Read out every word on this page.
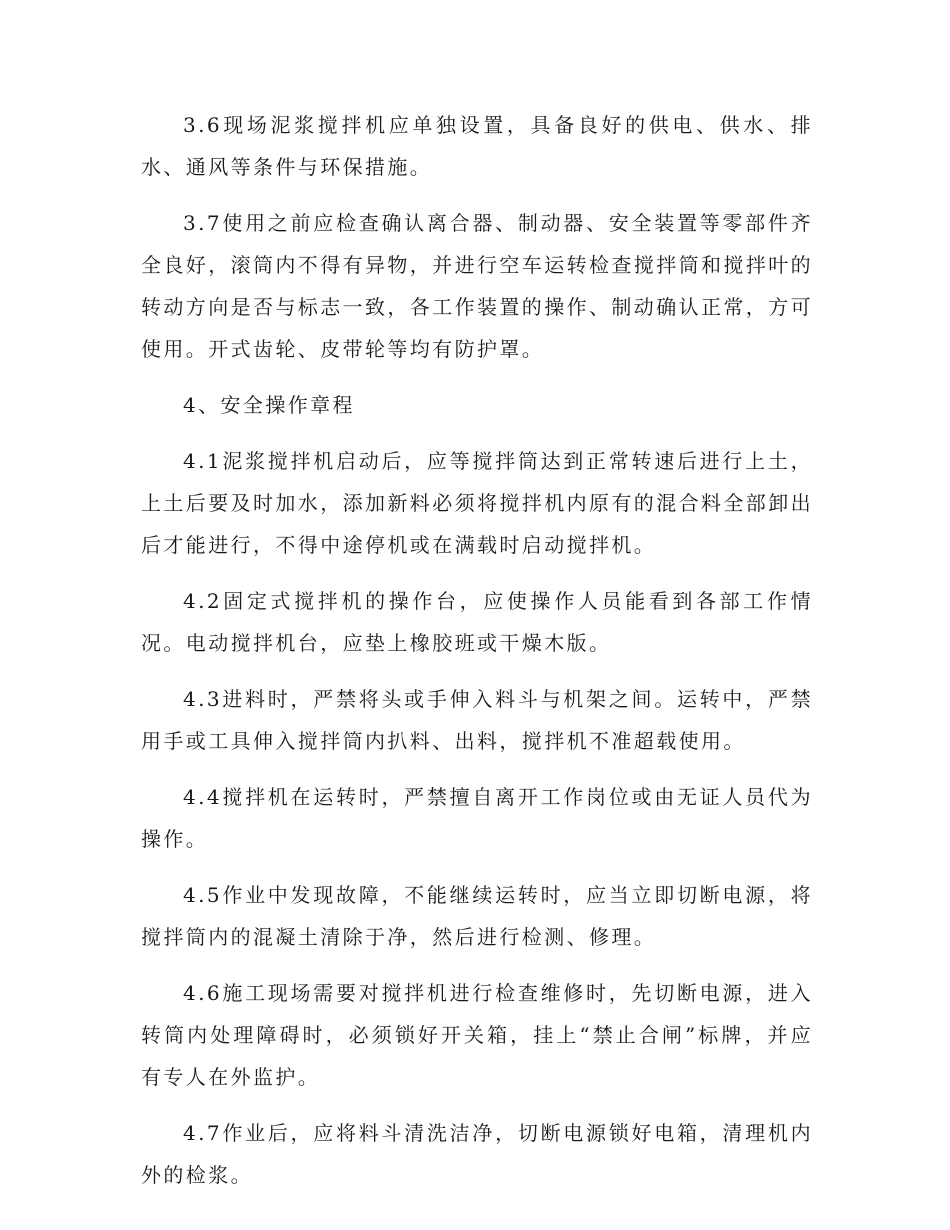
3.6现场泥浆搅拌机应单独设置，具备良好的供电、供水、排水、通风等条件与环保措施。

3.7使用之前应检查确认离合器、制动器、安全装置等零部件齐全良好，滚筒内不得有异物，并进行空车运转检查搅拌筒和搅拌叶的转动方向是否与标志一致，各工作装置的操作、制动确认正常，方可使用。开式齿轮、皮带轮等均有防护罩。

4、安全操作章程

4.1泥浆搅拌机启动后，应等搅拌筒达到正常转速后进行上土，上土后要及时加水，添加新料必须将搅拌机内原有的混合料全部卸出后才能进行，不得中途停机或在满载时启动搅拌机。

4.2固定式搅拌机的操作台，应使操作人员能看到各部工作情况。电动搅拌机台，应垫上橡胶班或干燥木版。

4.3进料时，严禁将头或手伸入料斗与机架之间。运转中，严禁用手或工具伸入搅拌筒内扒料、出料，搅拌机不准超载使用。

4.4搅拌机在运转时，严禁擅自离开工作岗位或由无证人员代为操作。

4.5作业中发现故障，不能继续运转时，应当立即切断电源，将搅拌筒内的混凝土清除于净，然后进行检测、修理。

4.6施工现场需要对搅拌机进行检查维修时，先切断电源，进入转筒内处理障碍时，必须锁好开关箱，挂上“禁止合闸”标牌，并应有专人在外监护。

4.7作业后，应将料斗清洗洁净，切断电源锁好电箱，清理机内外的检浆。
